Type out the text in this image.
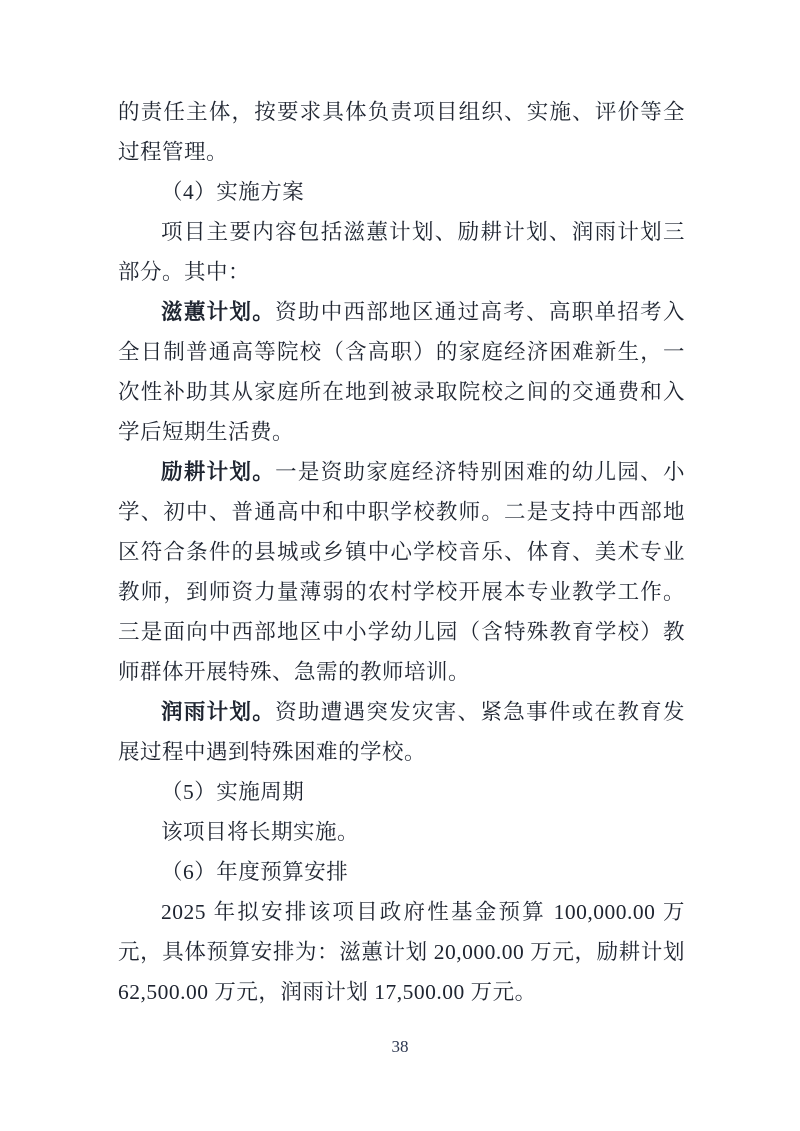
的责任主体，按要求具体负责项目组织、实施、评价等全过程管理。

（4）实施方案

项目主要内容包括滋蕙计划、励耕计划、润雨计划三部分。其中：

滋蕙计划。资助中西部地区通过高考、高职单招考入全日制普通高等院校（含高职）的家庭经济困难新生，一次性补助其从家庭所在地到被录取院校之间的交通费和入学后短期生活费。

励耕计划。一是资助家庭经济特别困难的幼儿园、小学、初中、普通高中和中职学校教师。二是支持中西部地区符合条件的县城或乡镇中心学校音乐、体育、美术专业教师，到师资力量薄弱的农村学校开展本专业教学工作。三是面向中西部地区中小学幼儿园（含特殊教育学校）教师群体开展特殊、急需的教师培训。

润雨计划。资助遭遇突发灾害、紧急事件或在教育发展过程中遇到特殊困难的学校。

（5）实施周期

该项目将长期实施。

（6）年度预算安排

2025 年拟安排该项目政府性基金预算 100,000.00 万元，具体预算安排为：滋蕙计划 20,000.00 万元，励耕计划 62,500.00 万元，润雨计划 17,500.00 万元。

38
